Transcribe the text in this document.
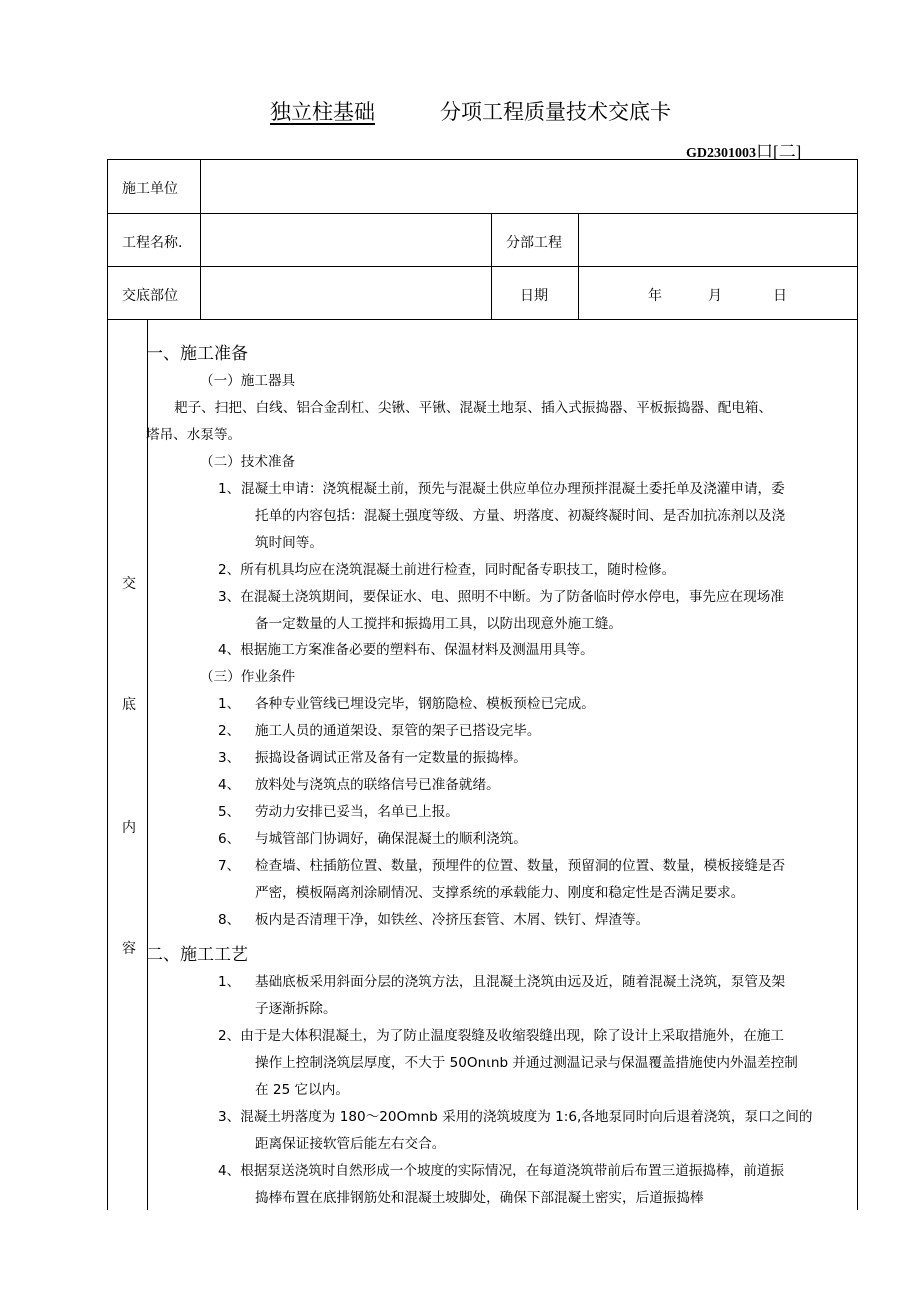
独立柱基础	分项工程质量技术交底卡
GD2301003口[二]
施工单位
工程名称.	分部工程
交底部位	日期	年	月	日
交
底
内
容
一、施工准备
（一）施工器具
耙子、扫把、白线、铝合金刮杠、尖锹、平锹、混凝土地泵、插入式振捣器、平板振捣器、配电箱、
塔吊、水泵等。
（二）技术准备
1、 混凝土申请：浇筑棍凝土前，预先与混凝土供应单位办理预拌混凝土委托单及浇灌申请，委
托单的内容包括：混凝土强度等级、方量、坍落度、初凝终凝时间、是否加抗冻剂以及浇
筑时间等。
2、所有机具均应在浇筑混凝土前进行检查，同时配备专职技工，随时检修。
3、在混凝土浇筑期间，要保证水、电、照明不中断。为了防备临时停水停电，事先应在现场准
备一定数量的人工搅拌和振捣用工具，以防出现意外施工缝。
4、根据施工方案准备必要的塑料布、保温材料及测温用具等。
（三）作业条件
1、 各种专业管线已埋设完毕，钢筋隐检、模板预检已完成。
2、 施工人员的通道架设、泵管的架子已搭设完毕。
3、 振捣设备调试正常及备有一定数量的振捣棒。
4、 放料处与浇筑点的联络信号已准备就绪。
5、 劳动力安排已妥当，名单已上报。
6、 与城管部门协调好，确保混凝土的顺利浇筑。
7、 检查墙、柱插筋位置、数量，预埋件的位置、数量，预留洞的位置、数量，模板接缝是否
严密，模板隔离剂涂刷情况、支撑系统的承载能力、刚度和稳定性是否满足要求。
8、 板内是否清理干净，如铁丝、冷挤压套管、木屑、铁钉、焊渣等。
二、施工工艺
1、 基础底板采用斜面分层的浇筑方法，且混凝土浇筑由远及近，随着混凝土浇筑，泵管及架
子逐渐拆除。
2、由于是大体积混凝土，为了防止温度裂缝及收缩裂缝出现，除了设计上采取措施外，在施工
操作上控制浇筑层厚度，不大于 50Onιnb 并通过测温记录与保温覆盖措施使内外温差控制
在 25 它以内。
3、混凝土坍落度为 180～20Omnb 采用的浇筑坡度为 1:6,各地泵同时向后退着浇筑，泵口之间的
距离保证接软管后能左右交合。
4、根据泵送浇筑时自然形成一个坡度的实际情况，在每道浇筑带前后布置三道振捣棒，前道振
捣棒布置在底排钢筋处和混凝土坡脚处，确保下部混凝土密实，后道振捣棒
